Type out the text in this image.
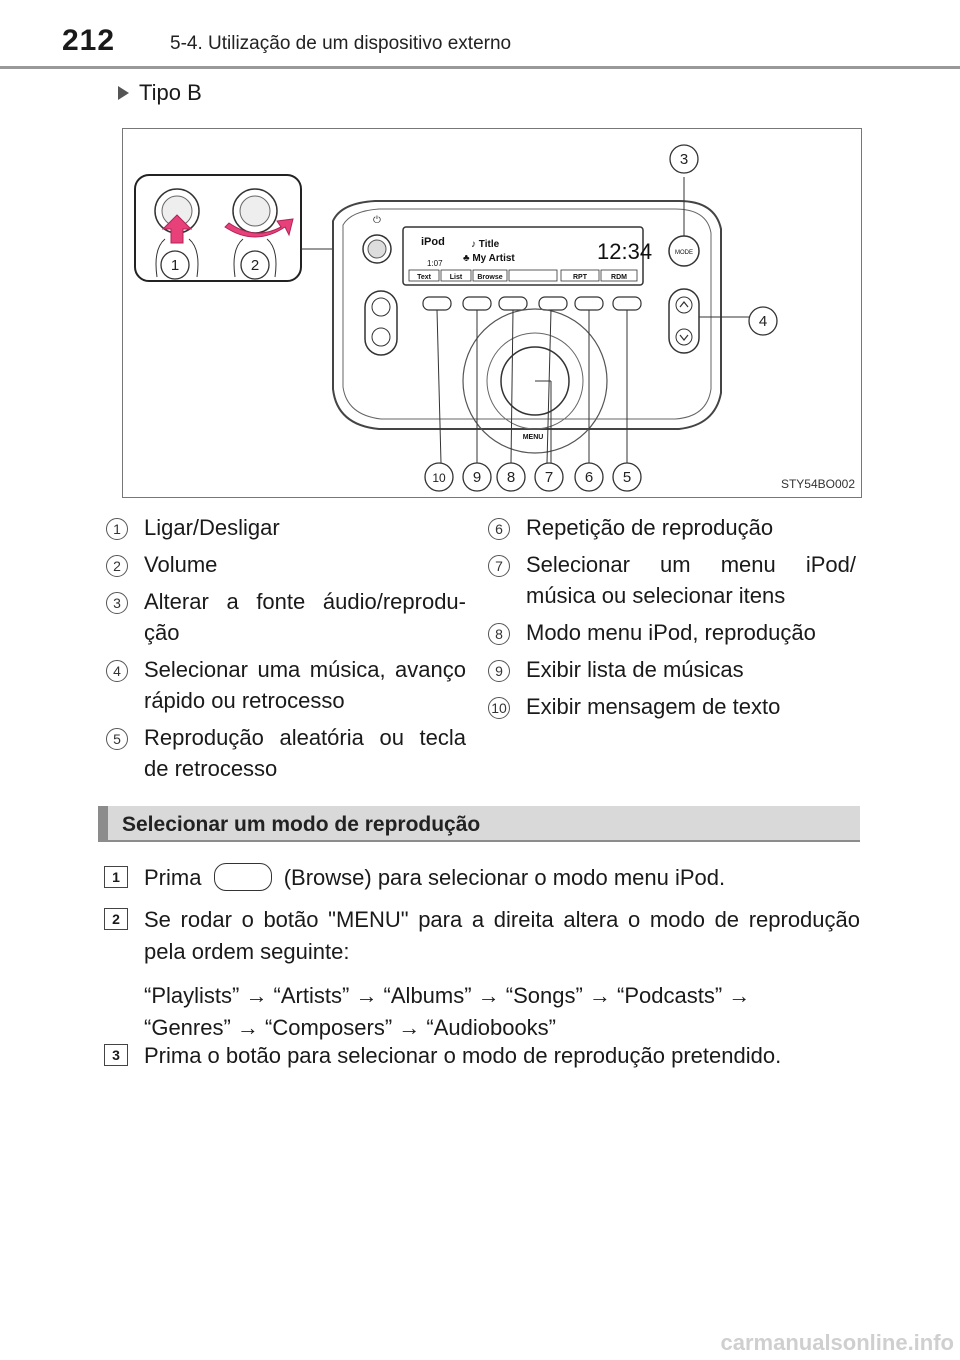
212	5-4. Utilização de um dispositivo externo
Tipo B
⏻
iPod	♪ Title
♣ My Artist
1:07	12:34
Text	List Browse	RPT	RDM
MODE
MENU
1	2
3
4
5
6
7
8
9
10	STY54BO002
1	Ligar/Desligar
2	Volume
3	Alterar a fonte áudio/reprodu-ção
4	Selecionar uma música, avanço rápido ou retrocesso
5	Reprodução aleatória ou tecla de retrocesso
6	Repetição de reprodução
7	Selecionar um menu iPod/ música ou selecionar itens
8	Modo menu iPod, reprodução
9	Exibir lista de músicas
10 Exibir mensagem de texto
Selecionar um modo de reprodução
1	Prima	(Browse) para selecionar o modo menu iPod.
2	Se rodar o botão "MENU" para a direita altera o modo de reprodução pela ordem seguinte:
“Playlists” → “Artists” → “Albums” → “Songs” → “Podcasts” →
“Genres” → “Composers” → “Audiobooks”
3	Prima o botão para selecionar o modo de reprodução pretendido.
carmanualsonline.info
